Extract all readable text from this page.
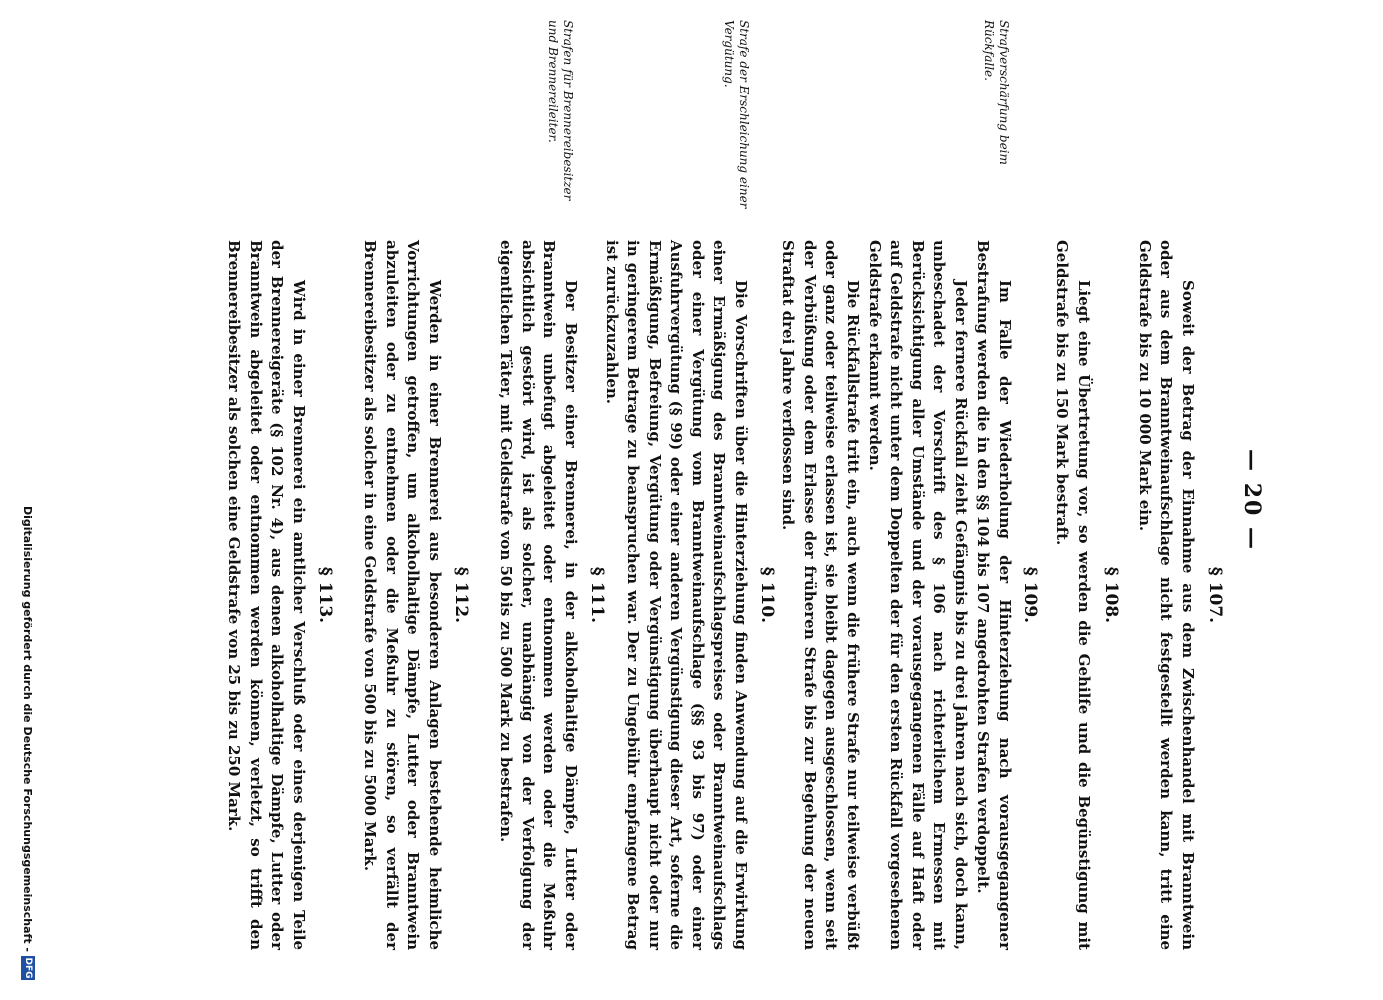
— 20 —
§ 107.

Soweit der Betrag der Einnahme aus dem Zwischenhandel mit Branntwein oder aus dem Branntweinaufschlage nicht festgestellt werden kann, tritt eine Geldstrafe bis zu 10 000 Mark ein.

§ 108.

Liegt eine Übertretung vor, so werden die Gehilfe und die Begünstigung mit Geldstrafe bis zu 150 Mark bestraft.

§ 109.
Strafverschärfung beim Rückfalle.

Im Falle der Wiederholung der Hinterziehung nach vorausgegangener Bestrafung werden die in den §§ 104 bis 107 angedrohten Strafen verdoppelt.

Jeder fernere Rückfall zieht Gefängnis bis zu drei Jahren nach sich, doch kann, unbeschadet der Vorschrift des § 106 nach richterlichem Ermessen mit Berücksichtigung aller Umstände und der vorausgegangenen Fälle auf Haft oder auf Geldstrafe nicht unter dem Doppelten der für den ersten Rückfall vorgesehenen Geldstrafe erkannt werden.

Die Rückfallstrafe tritt ein, auch wenn die frühere Strafe nur teilweise verbüßt oder ganz oder teilweise erlassen ist, sie bleibt dagegen ausgeschlossen, wenn seit der Verbüßung oder dem Erlasse der früheren Strafe bis zur Begehung der neuen Straftat drei Jahre verflossen sind.

§ 110.
Strafe der Erschleichung einer Vergütung.

Die Vorschriften über die Hinterziehung finden Anwendung auf die Erwirkung einer Ermäßigung des Branntweinaufschlagspreises oder Branntweinaufschlags oder einer Vergütung vom Branntweinaufschlage (§§ 93 bis 97) oder einer Ausfuhrvergütung (§ 99) oder einer anderen Vergünstigung dieser Art, soferne die Ermäßigung, Befreiung, Vergütung oder Vergünstigung überhaupt nicht oder nur in geringerem Betrage zu beanspruchen war. Der zu Ungebühr empfangene Betrag ist zurückzuzahlen.

§ 111.
Strafen für Brennereibesitzer und Brennereileiter.

Der Besitzer einer Brennerei, in der alkoholhaltige Dämpfe, Lutter oder Branntwein unbefugt abgeleitet oder entnommen werden oder die Meßuhr absichtlich gestört wird, ist als solcher, unabhängig von der Verfolgung der eigentlichen Täter, mit Geldstrafe von 50 bis zu 500 Mark zu bestrafen.

§ 112.

Werden in einer Brennerei aus besonderen Anlagen bestehende heimliche Vorrichtungen getroffen, um alkoholhaltige Dämpfe, Lutter oder Branntwein abzuleiten oder zu entnehmen oder die Meßuhr zu stören, so verfällt der Brennereibesitzer als solcher in eine Geldstrafe von 500 bis zu 5000 Mark.

§ 113.

Wird in einer Brennerei ein amtlicher Verschluß oder eines derjenigen Teile der Brennereigeräte (§ 102 Nr. 4), aus denen alkoholhaltige Dämpfe, Lutter oder Branntwein abgeleitet oder entnommen werden können, verletzt, so trifft den Brennereibesitzer als solchen eine Geldstrafe von 25 bis zu 250 Mark.

Digitalisierung gefördert durch die Deutsche Forschungsgemeinschaft -
DFG
